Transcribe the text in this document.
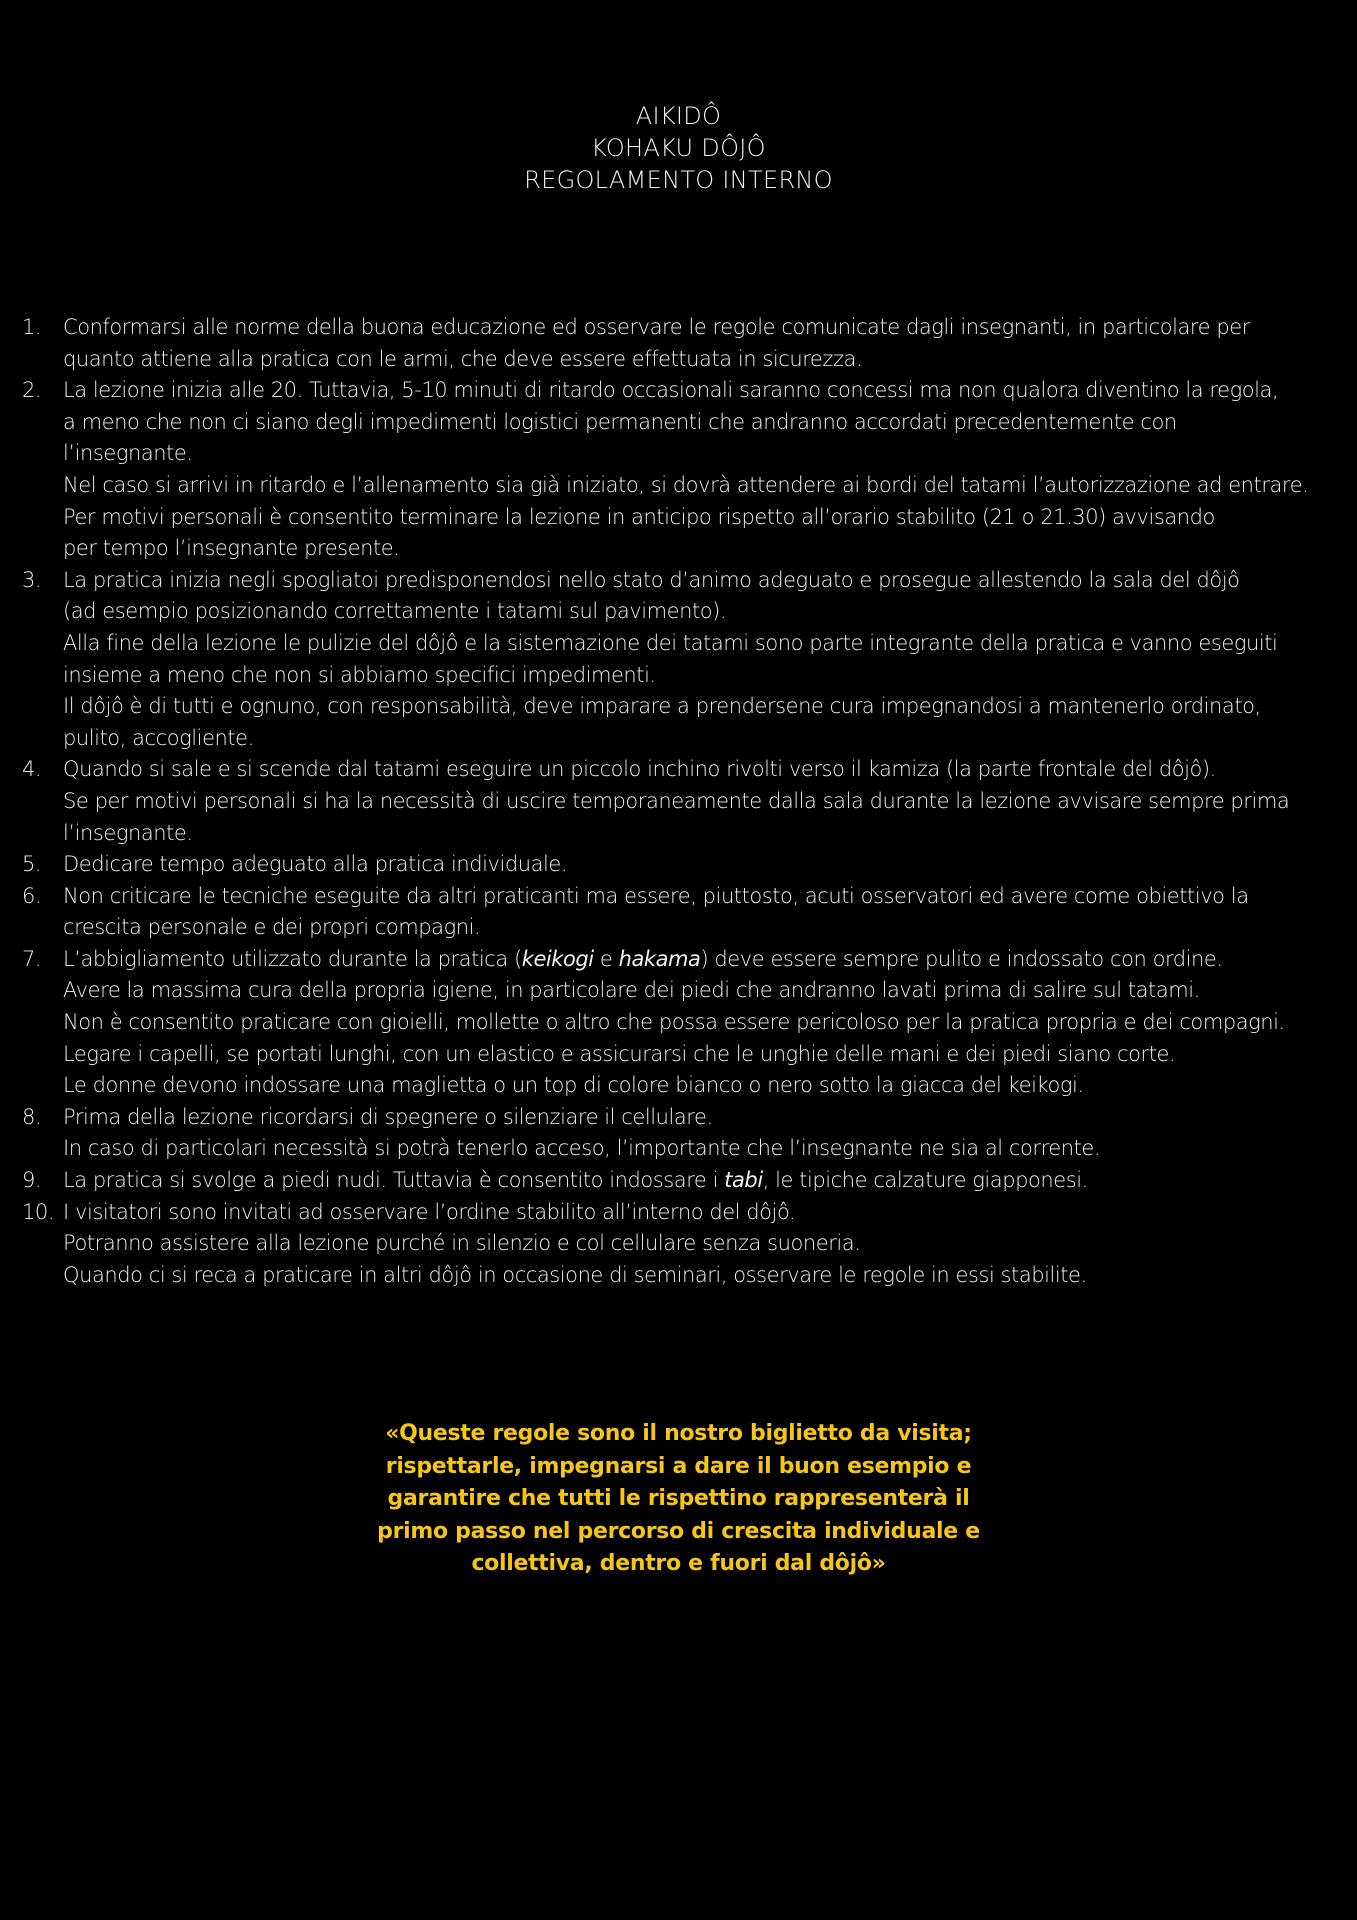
AIKIDÔ
KOHAKU DÔJÔ
REGOLAMENTO INTERNO
1.	Conformarsi alle norme della buona educazione ed osservare le regole comunicate dagli insegnanti, in particolare per
quanto attiene alla pratica con le armi, che deve essere effettuata in sicurezza.
2.	La lezione inizia alle 20. Tuttavia, 5-10 minuti di ritardo occasionali saranno concessi ma non qualora diventino la regola,
a meno che non ci siano degli impedimenti logistici permanenti che andranno accordati precedentemente con
l’insegnante.
Nel caso si arrivi in ritardo e l’allenamento sia già iniziato, si dovrà attendere ai bordi del tatami l’autorizzazione ad entrare.
Per motivi personali è consentito terminare la lezione in anticipo rispetto all’orario stabilito (21 o 21.30) avvisando
per tempo l’insegnante presente.
3.	La pratica inizia negli spogliatoi predisponendosi nello stato d’animo adeguato e prosegue allestendo la sala del dôjô
(ad esempio posizionando correttamente i tatami sul pavimento).
Alla fine della lezione le pulizie del dôjô e la sistemazione dei tatami sono parte integrante della pratica e vanno eseguiti
insieme a meno che non si abbiamo specifici impedimenti.
Il dôjô è di tutti e ognuno, con responsabilità, deve imparare a prendersene cura impegnandosi a mantenerlo ordinato,
pulito, accogliente.
4.	Quando si sale e si scende dal tatami eseguire un piccolo inchino rivolti verso il kamiza (la parte frontale del dôjô).
Se per motivi personali si ha la necessità di uscire temporaneamente dalla sala durante la lezione avvisare sempre prima
l’insegnante.
5.	Dedicare tempo adeguato alla pratica individuale.
6.	Non criticare le tecniche eseguite da altri praticanti ma essere, piuttosto, acuti osservatori ed avere come obiettivo la
crescita personale e dei propri compagni.
7.	L’abbigliamento utilizzato durante la pratica (keikogi e hakama) deve essere sempre pulito e indossato con ordine.
Avere la massima cura della propria igiene, in particolare dei piedi che andranno lavati prima di salire sul tatami.
Non è consentito praticare con gioielli, mollette o altro che possa essere pericoloso per la pratica propria e dei compagni.
Legare i capelli, se portati lunghi, con un elastico e assicurarsi che le unghie delle mani e dei piedi siano corte.
Le donne devono indossare una maglietta o un top di colore bianco o nero sotto la giacca del keikogi.
8.	Prima della lezione ricordarsi di spegnere o silenziare il cellulare.
In caso di particolari necessità si potrà tenerlo acceso, l’importante che l’insegnante ne sia al corrente.
9.	La pratica si svolge a piedi nudi. Tuttavia è consentito indossare i tabi, le tipiche calzature giapponesi.
10. I visitatori sono invitati ad osservare l’ordine stabilito all’interno del dôjô.
Potranno assistere alla lezione purché in silenzio e col cellulare senza suoneria.
Quando ci si reca a praticare in altri dôjô in occasione di seminari, osservare le regole in essi stabilite.
«Queste regole sono il nostro biglietto da visita;
rispettarle, impegnarsi a dare il buon esempio e
garantire che tutti le rispettino rappresenterà il
primo passo nel percorso di crescita individuale e
collettiva, dentro e fuori dal dôjô»
